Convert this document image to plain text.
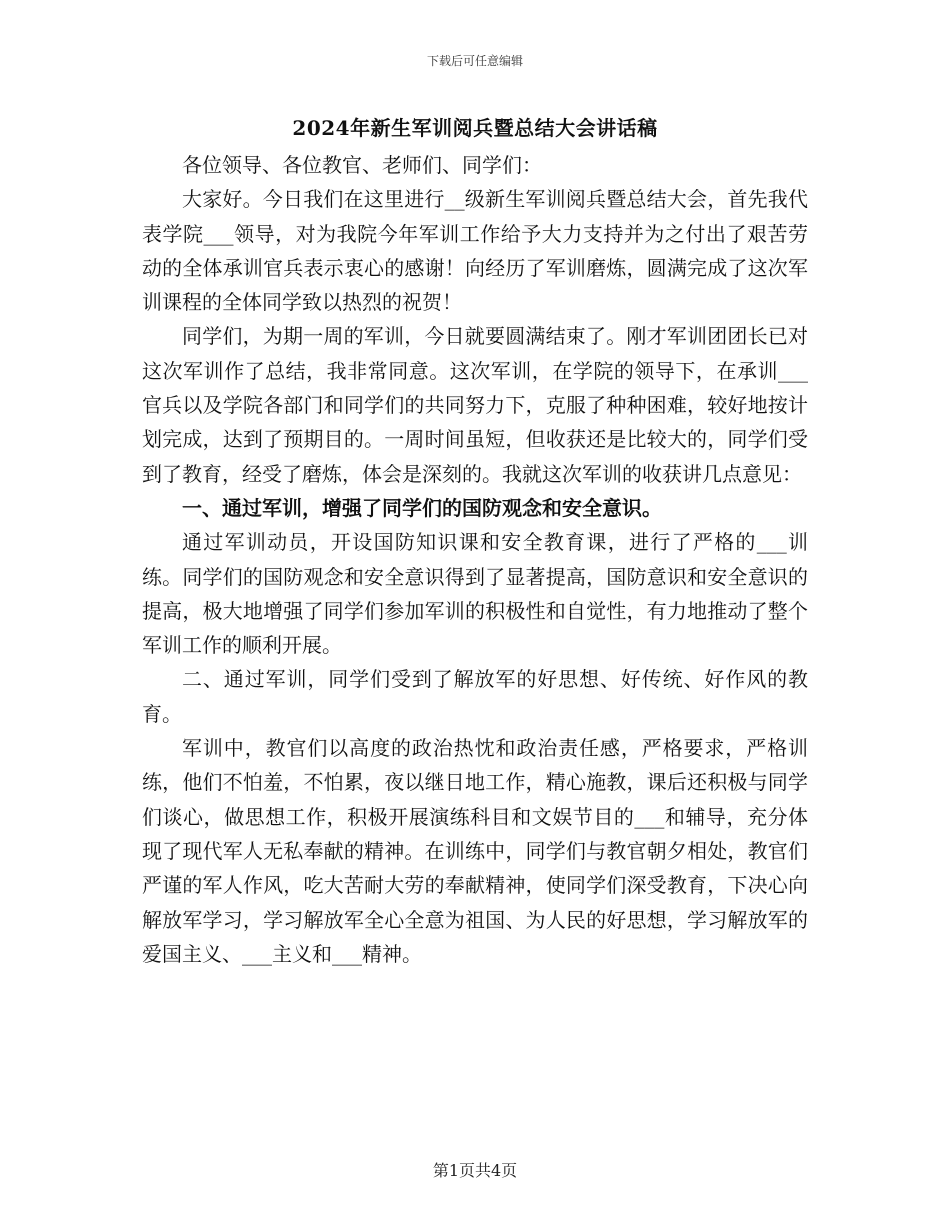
下载后可任意编辑
2024年新生军训阅兵暨总结大会讲话稿

各位领导、各位教官、老师们、同学们：

大家好。今日我们在这里进行__级新生军训阅兵暨总结大会，首先我代表学院___领导，对为我院今年军训工作给予大力支持并为之付出了艰苦劳动的全体承训官兵表示衷心的感谢！向经历了军训磨炼，圆满完成了这次军训课程的全体同学致以热烈的祝贺！

同学们，为期一周的军训，今日就要圆满结束了。刚才军训团团长已对这次军训作了总结，我非常同意。这次军训，在学院的领导下，在承训___官兵以及学院各部门和同学们的共同努力下，克服了种种困难，较好地按计划完成，达到了预期目的。一周时间虽短，但收获还是比较大的，同学们受到了教育，经受了磨炼，体会是深刻的。我就这次军训的收获讲几点意见：

一、通过军训，增强了同学们的国防观念和安全意识。

通过军训动员，开设国防知识课和安全教育课，进行了严格的___训练。同学们的国防观念和安全意识得到了显著提高，国防意识和安全意识的提高，极大地增强了同学们参加军训的积极性和自觉性，有力地推动了整个军训工作的顺利开展。

二、通过军训，同学们受到了解放军的好思想、好传统、好作风的教育。

军训中，教官们以高度的政治热忱和政治责任感，严格要求，严格训练，他们不怕羞，不怕累，夜以继日地工作，精心施教，课后还积极与同学们谈心，做思想工作，积极开展演练科目和文娱节目的___和辅导，充分体现了现代军人无私奉献的精神。在训练中，同学们与教官朝夕相处，教官们严谨的军人作风，吃大苦耐大劳的奉献精神，使同学们深受教育，下决心向解放军学习，学习解放军全心全意为祖国、为人民的好思想，学习解放军的爱国主义、___主义和___精神。

第1页共4页
